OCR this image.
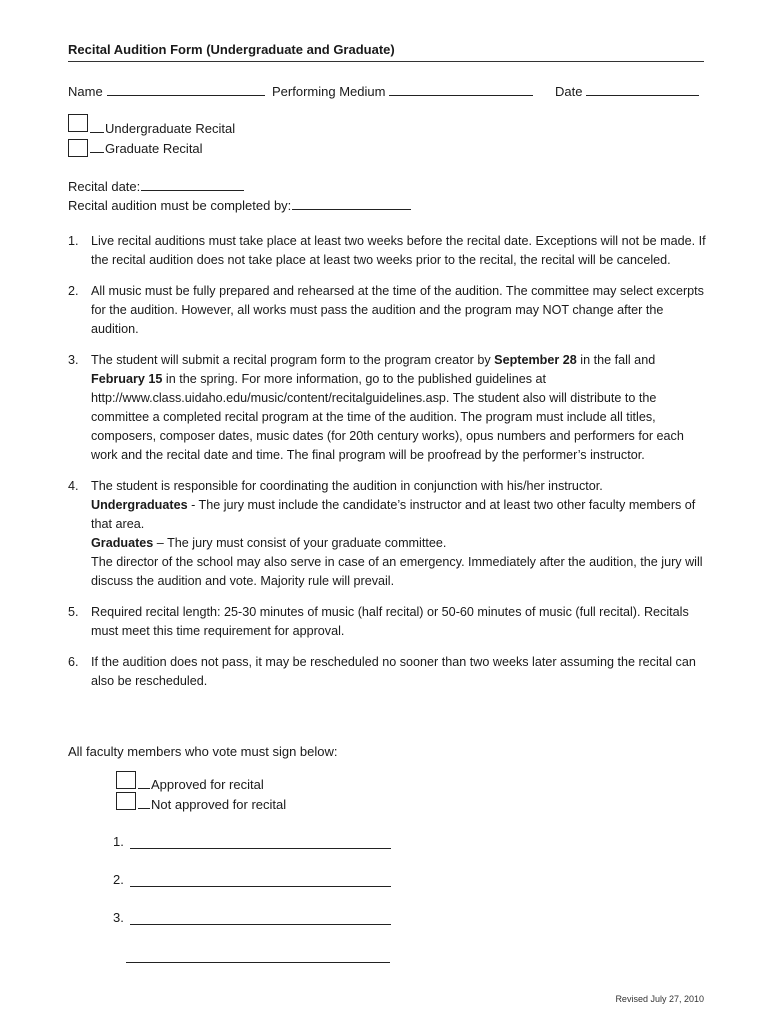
Recital Audition Form (Undergraduate and Graduate)
Name	Performing Medium	Date
Undergraduate Recital
Graduate Recital
Recital date:
Recital audition must be completed by:
1. Live recital auditions must take place at least two weeks before the recital date. Exceptions will not be made. If the recital audition does not take place at least two weeks prior to the recital, the recital will be canceled.
2. All music must be fully prepared and rehearsed at the time of the audition. The committee may select excerpts for the audition. However, all works must pass the audition and the program may NOT change after the audition.
3. The student will submit a recital program form to the program creator by September 28 in the fall and February 15 in the spring. For more information, go to the published guidelines at http://www.class.uidaho.edu/music/content/recitalguidelines.asp. The student also will distribute to the committee a completed recital program at the time of the audition. The program must include all titles, composers, composer dates, music dates (for 20th century works), opus numbers and performers for each work and the recital date and time. The final program will be proofread by the performer’s instructor.
4. The student is responsible for coordinating the audition in conjunction with his/her instructor.
Undergraduates - The jury must include the candidate’s instructor and at least two other faculty members of that area.
Graduates – The jury must consist of your graduate committee.
The director of the school may also serve in case of an emergency. Immediately after the audition, the jury will discuss the audition and vote. Majority rule will prevail.
5. Required recital length: 25-30 minutes of music (half recital) or 50-60 minutes of music (full recital). Recitals must meet this time requirement for approval.
6. If the audition does not pass, it may be rescheduled no sooner than two weeks later assuming the recital can also be rescheduled.
All faculty members who vote must sign below:
Approved for recital
Not approved for recital
1.
2.
3.
Revised July 27, 2010
